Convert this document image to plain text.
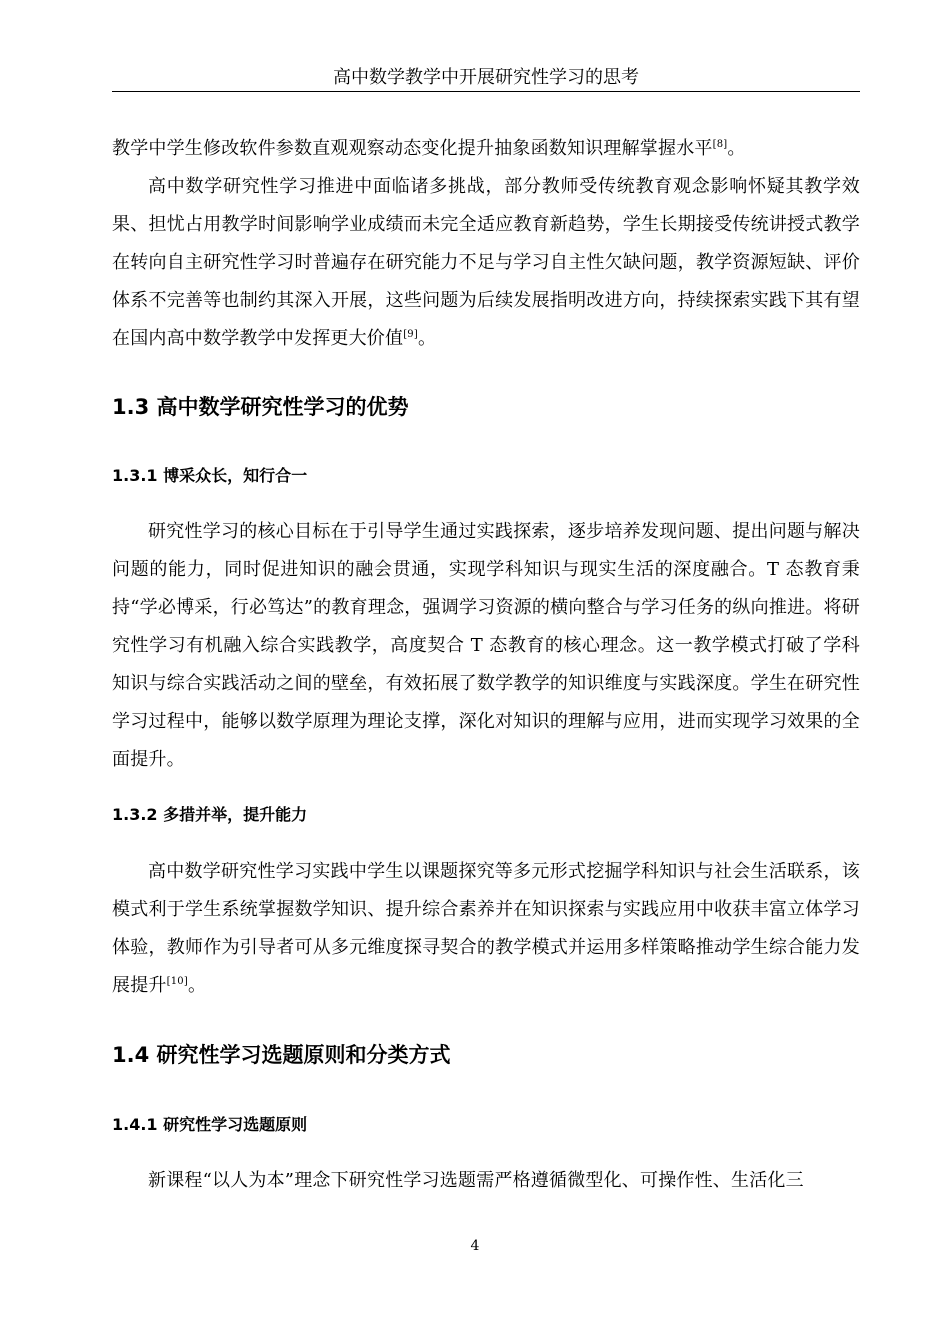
高中数学教学中开展研究性学习的思考

教学中学生修改软件参数直观观察动态变化提升抽象函数知识理解掌握水平[8]。

高中数学研究性学习推进中面临诸多挑战，部分教师受传统教育观念影响怀疑其教学效果、担忧占用教学时间影响学业成绩而未完全适应教育新趋势，学生长期接受传统讲授式教学在转向自主研究性学习时普遍存在研究能力不足与学习自主性欠缺问题，教学资源短缺、评价体系不完善等也制约其深入开展，这些问题为后续发展指明改进方向，持续探索实践下其有望在国内高中数学教学中发挥更大价值[9]。

1.3 高中数学研究性学习的优势
1.3.1 博采众长，知行合一

研究性学习的核心目标在于引导学生通过实践探索，逐步培养发现问题、提出问题与解决问题的能力，同时促进知识的融会贯通，实现学科知识与现实生活的深度融合。T 态教育秉持“学必博采，行必笃达”的教育理念，强调学习资源的横向整合与学习任务的纵向推进。将研究性学习有机融入综合实践教学，高度契合 T 态教育的核心理念。这一教学模式打破了学科知识与综合实践活动之间的壁垒，有效拓展了数学教学的知识维度与实践深度。学生在研究性学习过程中，能够以数学原理为理论支撑，深化对知识的理解与应用，进而实现学习效果的全面提升。

1.3.2 多措并举，提升能力

高中数学研究性学习实践中学生以课题探究等多元形式挖掘学科知识与社会生活联系，该模式利于学生系统掌握数学知识、提升综合素养并在知识探索与实践应用中收获丰富立体学习体验，教师作为引导者可从多元维度探寻契合的教学模式并运用多样策略推动学生综合能力发展提升[10]。

1.4 研究性学习选题原则和分类方式
1.4.1 研究性学习选题原则

新课程“以人为本”理念下研究性学习选题需严格遵循微型化、可操作性、生活化三

4
